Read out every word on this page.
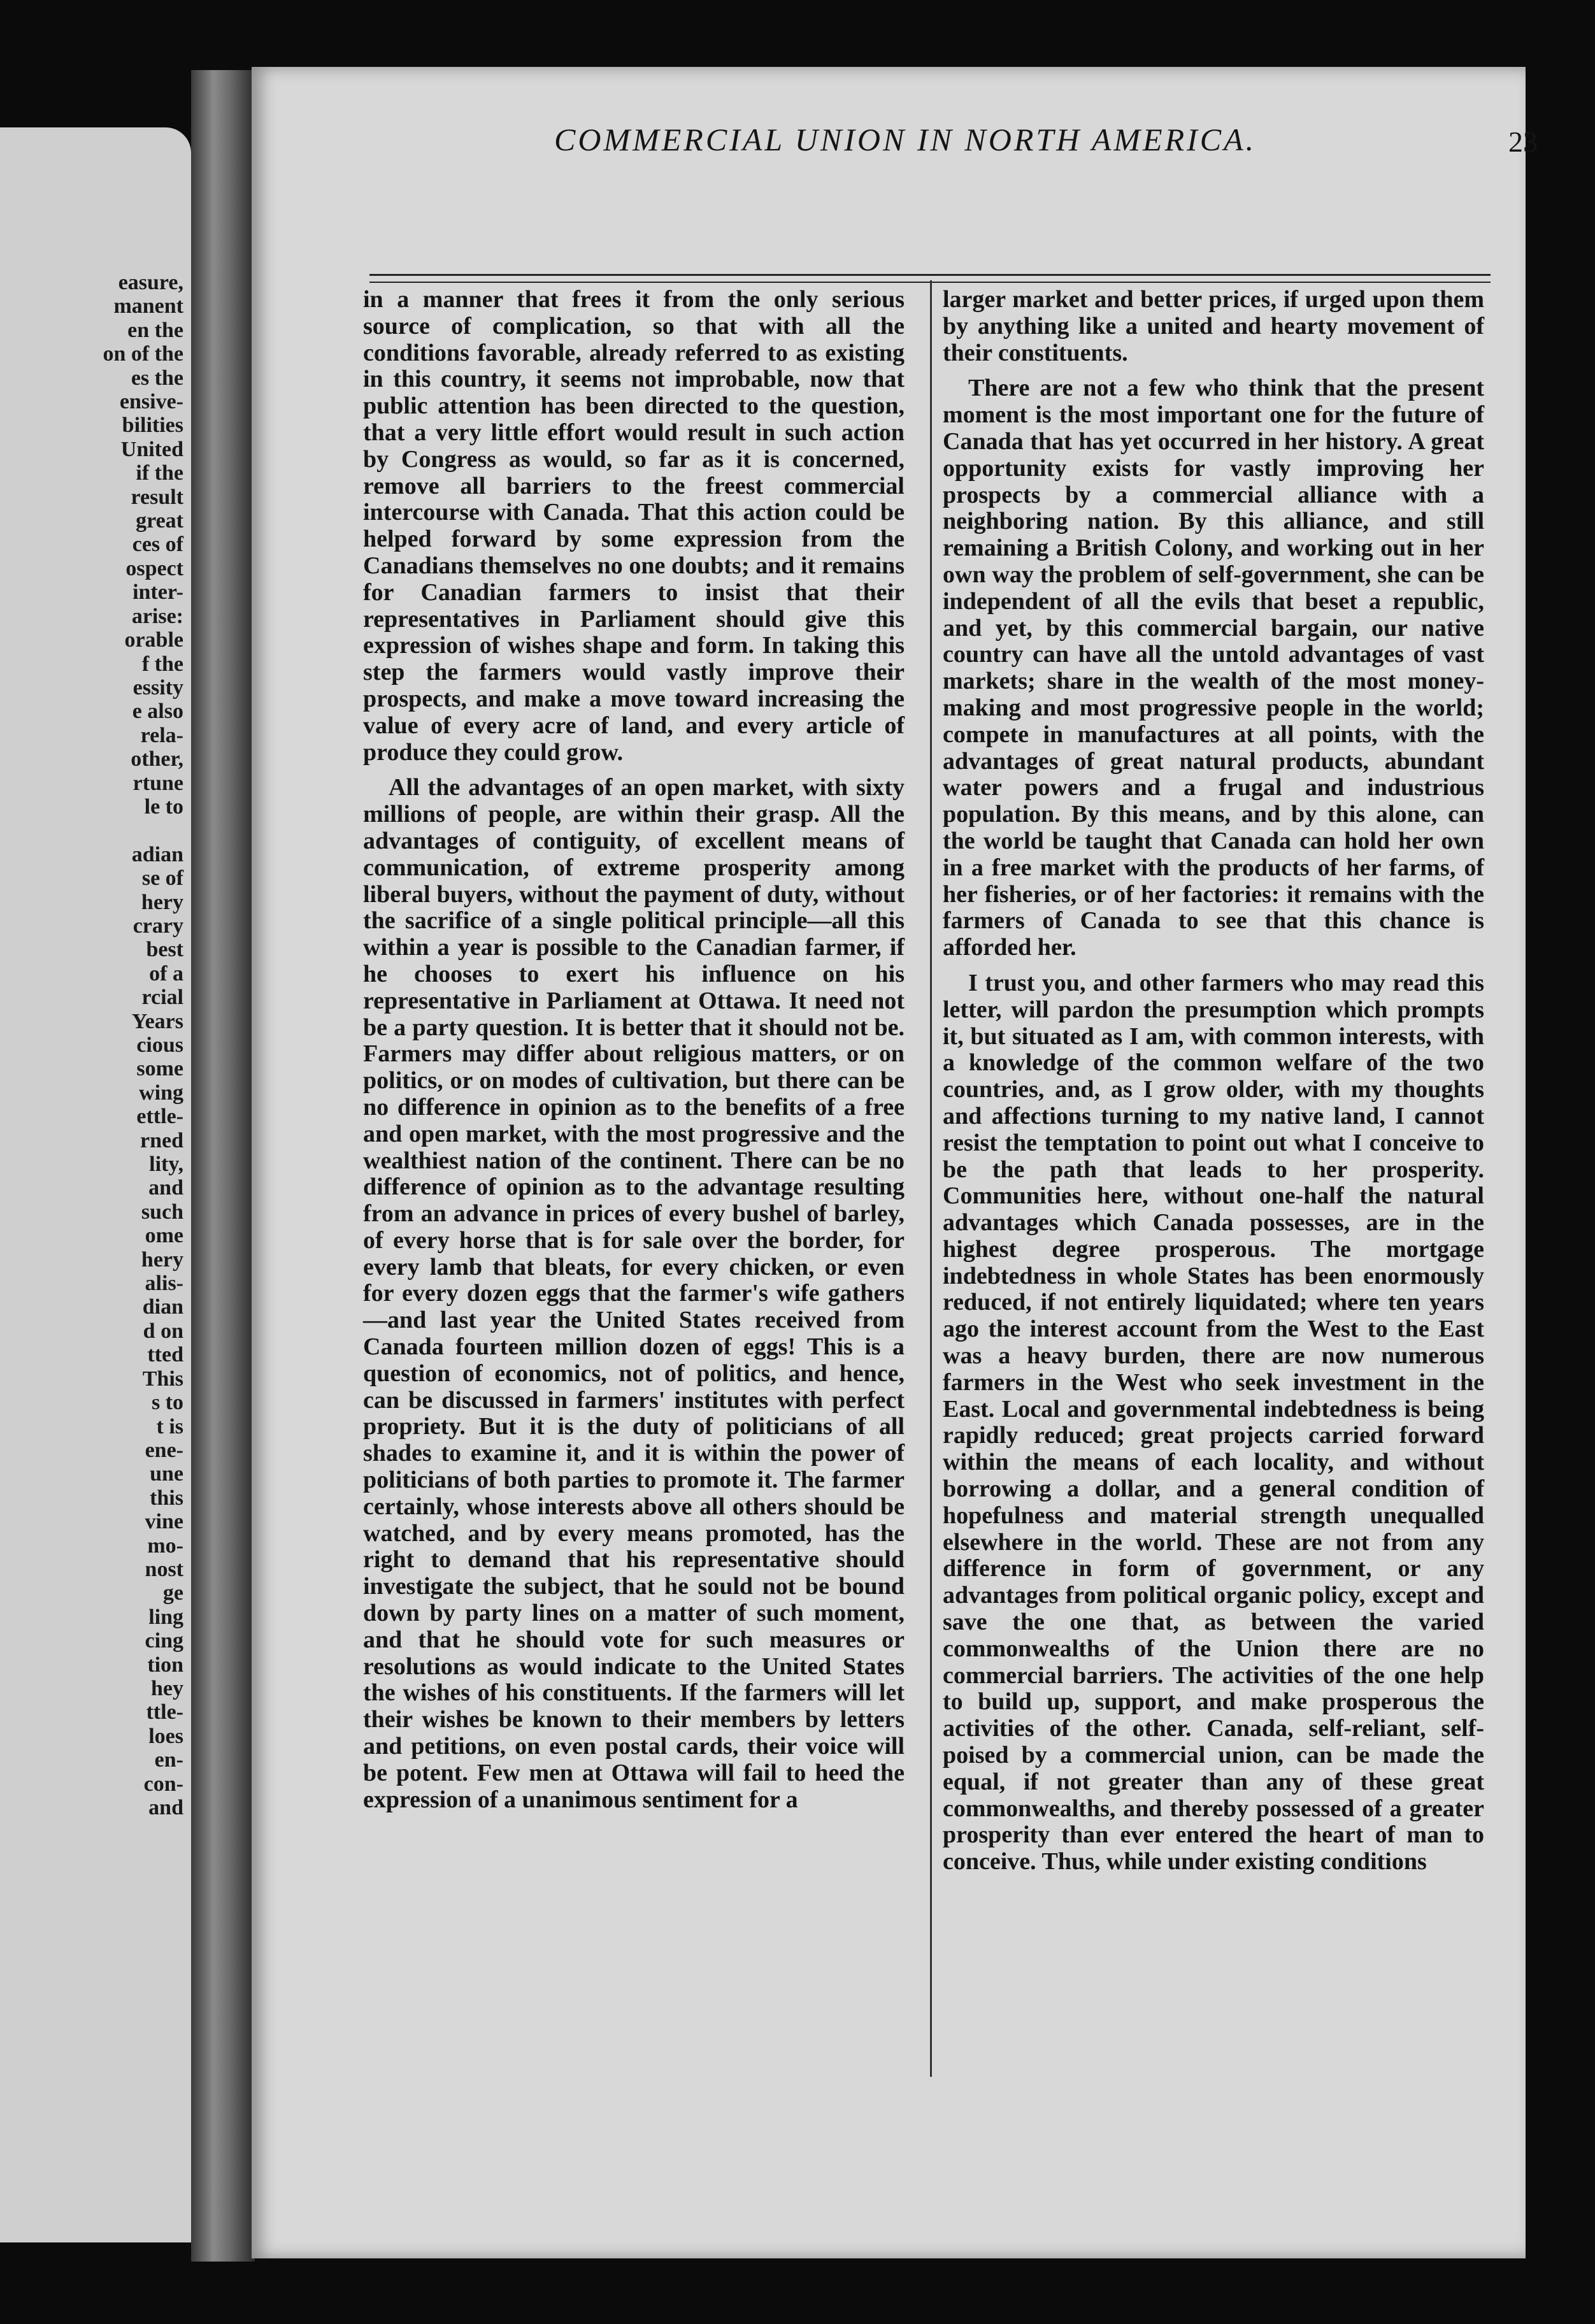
easure,
manent
en the
on of the
es the
ensive-
bilities
United
if the
result
great
ces of
ospect
inter-
arise:
orable
f the
essity
e also
rela-
other,
rtune
le to

adian
se of
hery
crary
best
of a
rcial
Years
cious
some
wing
ettle-
rned
lity,
and
such
ome
hery
alis-
dian
d on
tted
This
s to
t is
ene-
une
this
vine
mo-
nost
ge
ling
cing
tion
hey
ttle-
loes
en-
con-
and
COMMERCIAL UNION IN NORTH AMERICA.	23

in a manner that frees it from the only serious source of complication, so that with all the conditions favorable, already referred to as existing in this country, it seems not improbable, now that public attention has been directed to the question, that a very little effort would result in such action by Congress as would, so far as it is concerned, remove all barriers to the freest commercial intercourse with Canada. That this action could be helped forward by some expression from the Canadians themselves no one doubts; and it remains for Canadian farmers to insist that their representatives in Parliament should give this expression of wishes shape and form. In taking this step the farmers would vastly improve their prospects, and make a move toward increasing the value of every acre of land, and every article of produce they could grow.

All the advantages of an open market, with sixty millions of people, are within their grasp. All the advantages of contiguity, of excellent means of communication, of extreme prosperity among liberal buyers, without the payment of duty, without the sacrifice of a single political principle—all this within a year is possible to the Canadian farmer, if he chooses to exert his influence on his representative in Parliament at Ottawa. It need not be a party question. It is better that it should not be. Farmers may differ about religious matters, or on politics, or on modes of cultivation, but there can be no difference in opinion as to the benefits of a free and open market, with the most progressive and the wealthiest nation of the continent. There can be no difference of opinion as to the advantage resulting from an advance in prices of every bushel of barley, of every horse that is for sale over the border, for every lamb that bleats, for every chicken, or even for every dozen eggs that the farmer's wife gathers—and last year the United States received from Canada fourteen million dozen of eggs! This is a question of economics, not of politics, and hence, can be discussed in farmers' institutes with perfect propriety. But it is the duty of politicians of all shades to examine it, and it is within the power of politicians of both parties to promote it. The farmer certainly, whose interests above all others should be watched, and by every means promoted, has the right to demand that his representative should investigate the subject, that he sould not be bound down by party lines on a matter of such moment, and that he should vote for such measures or resolutions as would indicate to the United States the wishes of his constituents. If the farmers will let their wishes be known to their members by letters and petitions, on even postal cards, their voice will be potent. Few men at Ottawa will fail to heed the expression of a unanimous sentiment for a

larger market and better prices, if urged upon them by anything like a united and hearty movement of their constituents.

There are not a few who think that the present moment is the most important one for the future of Canada that has yet occurred in her history. A great opportunity exists for vastly improving her prospects by a commercial alliance with a neighboring nation. By this alliance, and still remaining a British Colony, and working out in her own way the problem of self-government, she can be independent of all the evils that beset a republic, and yet, by this commercial bargain, our native country can have all the untold advantages of vast markets; share in the wealth of the most money-making and most progressive people in the world; compete in manufactures at all points, with the advantages of great natural products, abundant water powers and a frugal and industrious population. By this means, and by this alone, can the world be taught that Canada can hold her own in a free market with the products of her farms, of her fisheries, or of her factories: it remains with the farmers of Canada to see that this chance is afforded her.

I trust you, and other farmers who may read this letter, will pardon the presumption which prompts it, but situated as I am, with common interests, with a knowledge of the common welfare of the two countries, and, as I grow older, with my thoughts and affections turning to my native land, I cannot resist the temptation to point out what I conceive to be the path that leads to her prosperity. Communities here, without one-half the natural advantages which Canada possesses, are in the highest degree prosperous. The mortgage indebtedness in whole States has been enormously reduced, if not entirely liquidated; where ten years ago the interest account from the West to the East was a heavy burden, there are now numerous farmers in the West who seek investment in the East. Local and governmental indebtedness is being rapidly reduced; great projects carried forward within the means of each locality, and without borrowing a dollar, and a general condition of hopefulness and material strength unequalled elsewhere in the world. These are not from any difference in form of government, or any advantages from political organic policy, except and save the one that, as between the varied commonwealths of the Union there are no commercial barriers. The activities of the one help to build up, support, and make prosperous the activities of the other. Canada, self-reliant, self-poised by a commercial union, can be made the equal, if not greater than any of these great commonwealths, and thereby possessed of a greater prosperity than ever entered the heart of man to conceive. Thus, while under existing conditions
